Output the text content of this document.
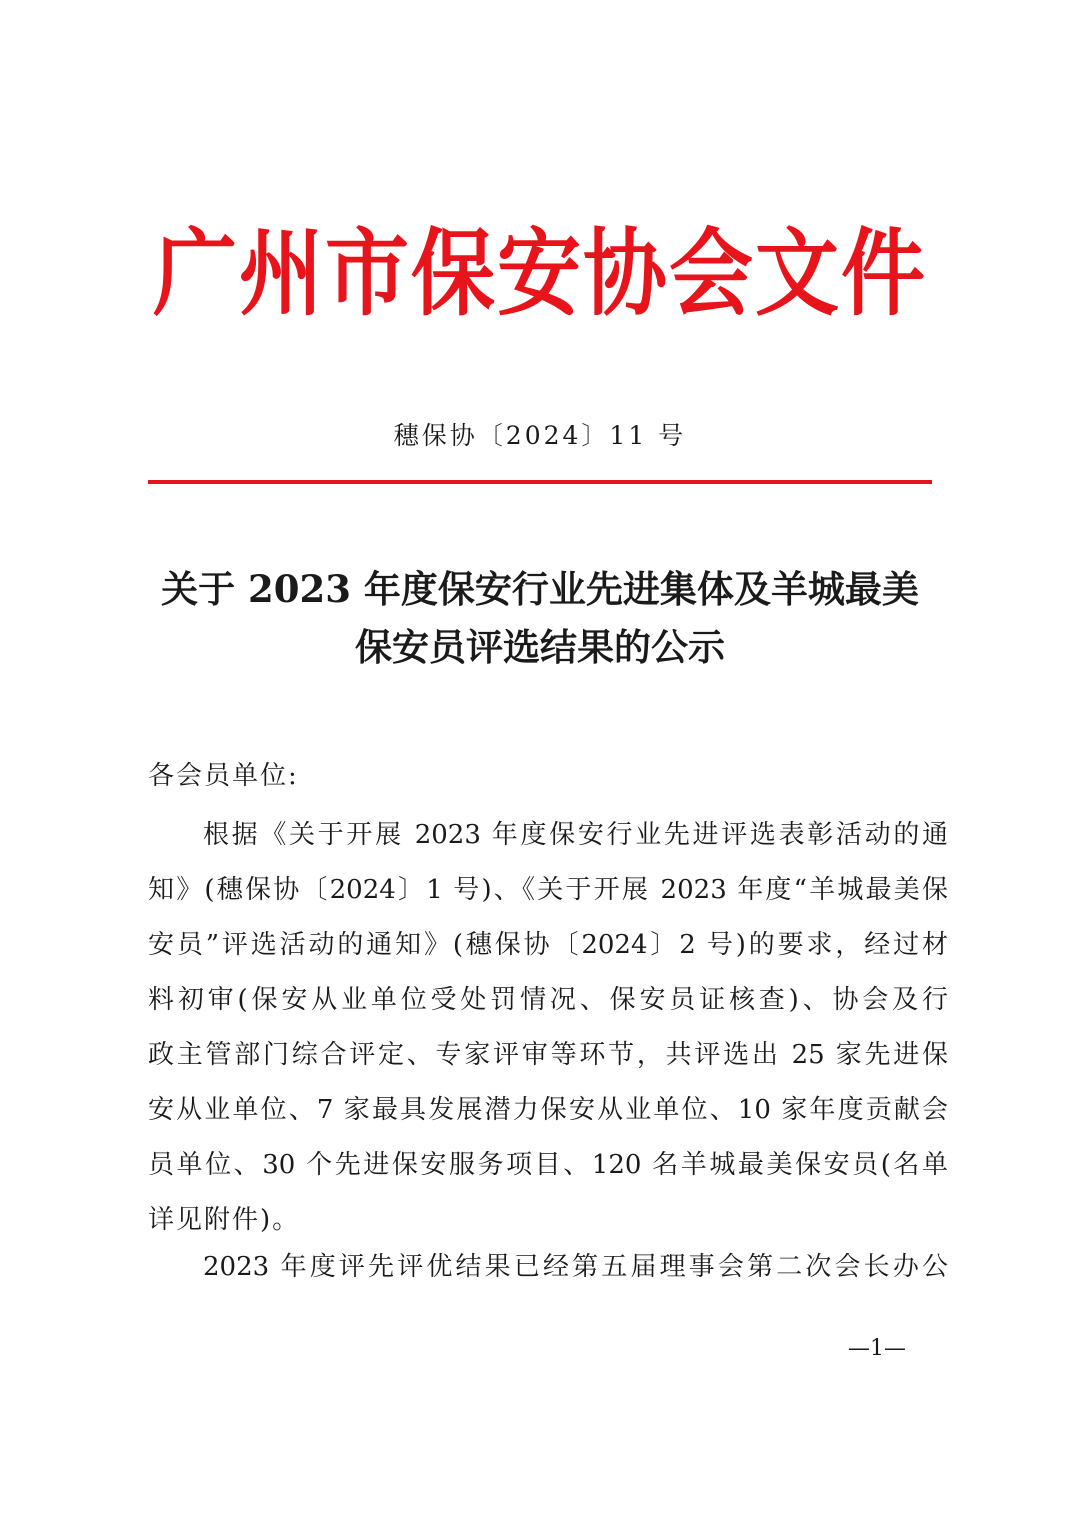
广州市保安协会文件
穗保协〔2024〕11 号
关于 2023 年度保安行业先进集体及羊城最美
保安员评选结果的公示
各会员单位:
根据《关于开展 2023 年度保安行业先进评选表彰活动的通
知》(穗保协〔2024〕1 号)、《关于开展 2023 年度“羊城最美保
安员”评选活动的通知》(穗保协〔2024〕2 号)的要求，经过材
料初审(保安从业单位受处罚情况、保安员证核查)、协会及行
政主管部门综合评定、专家评审等环节，共评选出 25 家先进保
安从业单位、7 家最具发展潜力保安从业单位、10 家年度贡献会
员单位、30 个先进保安服务项目、120 名羊城最美保安员(名单
详见附件)。
2023 年度评先评优结果已经第五届理事会第二次会长办公
—1—
